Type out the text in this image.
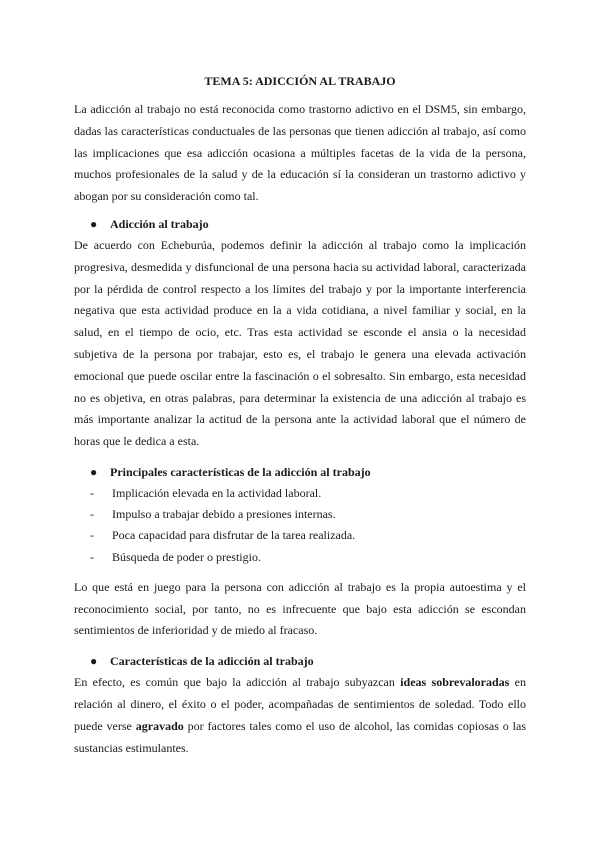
TEMA 5: ADICCIÓN AL TRABAJO

La adicción al trabajo no está reconocida como trastorno adictivo en el DSM5, sin embargo, dadas las características conductuales de las personas que tienen adicción al trabajo, así como las implicaciones que esa adicción ocasiona a múltiples facetas de la vida de la persona, muchos profesionales de la salud y de la educación sí la consideran un trastorno adictivo y abogan por su consideración como tal.

● Adicción al trabajo

De acuerdo con Echeburúa, podemos definir la adicción al trabajo como la implicación progresiva, desmedida y disfuncional de una persona hacia su actividad laboral, caracterizada por la pérdida de control respecto a los límites del trabajo y por la importante interferencia negativa que esta actividad produce en la a vida cotidiana, a nivel familiar y social, en la salud, en el tiempo de ocio, etc. Tras esta actividad se esconde el ansia o la necesidad subjetiva de la persona por trabajar, esto es, el trabajo le genera una elevada activación emocional que puede oscilar entre la fascinación o el sobresalto. Sin embargo, esta necesidad no es objetiva, en otras palabras, para determinar la existencia de una adicción al trabajo es más importante analizar la actitud de la persona ante la actividad laboral que el número de horas que le dedica a esta.

● Principales características de la adicción al trabajo
- Implicación elevada en la actividad laboral.
- Impulso a trabajar debido a presiones internas.
- Poca capacidad para disfrutar de la tarea realizada.
- Búsqueda de poder o prestigio.

Lo que está en juego para la persona con adicción al trabajo es la propia autoestima y el reconocimiento social, por tanto, no es infrecuente que bajo esta adicción se escondan sentimientos de inferioridad y de miedo al fracaso.

● Características de la adicción al trabajo

En efecto, es común que bajo la adicción al trabajo subyazcan ideas sobrevaloradas en relación al dinero, el éxito o el poder, acompañadas de sentimientos de soledad. Todo ello puede verse agravado por factores tales como el uso de alcohol, las comidas copiosas o las sustancias estimulantes.
